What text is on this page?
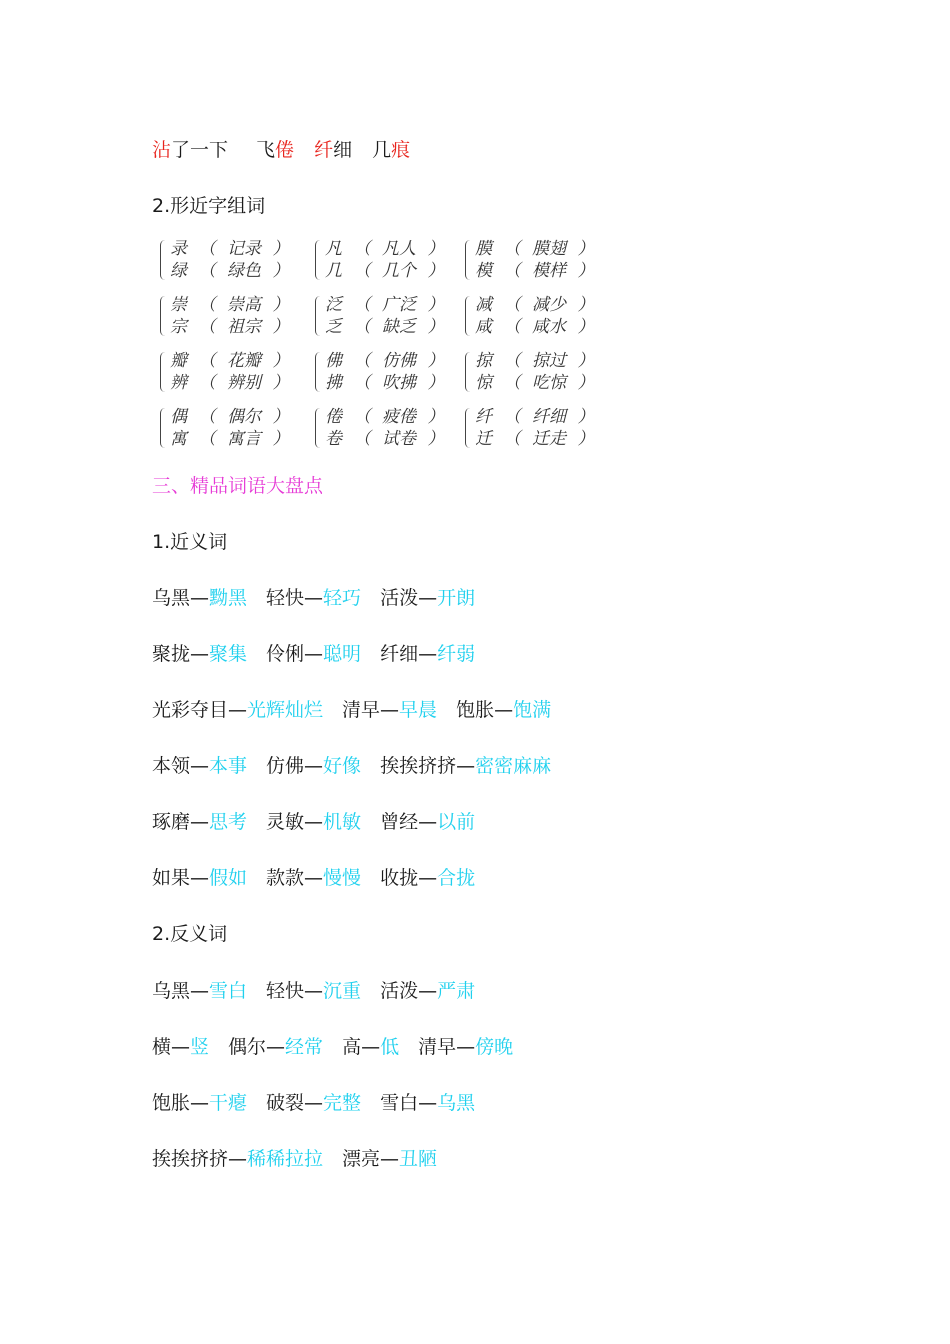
沾了一下 飞倦 纤细 几痕
2.形近字组词
录 （ 记录 ）
绿 （ 绿色 ）
凡 （ 凡人 ）
几 （ 几个 ）
膜 （ 膜翅 ）
模 （ 模样 ）
崇 （ 崇高 ）
宗 （ 祖宗 ）
泛 （ 广泛 ）
乏 （ 缺乏 ）
减 （ 减少 ）
咸 （ 咸水 ）
瓣 （ 花瓣 ）
辨 （ 辨别 ）
佛 （ 仿佛 ）
拂 （ 吹拂 ）
掠 （ 掠过 ）
惊 （ 吃惊 ）
偶 （ 偶尔 ）
寓 （ 寓言 ）
倦 （ 疲倦 ）
卷 （ 试卷 ）
纤 （ 纤细 ）
迁 （ 迁走 ）
三、精品词语大盘点
1.近义词
乌黑—黝黑 轻快—轻巧 活泼—开朗
聚拢—聚集 伶俐—聪明 纤细—纤弱
光彩夺目—光辉灿烂 清早—早晨 饱胀—饱满
本领—本事 仿佛—好像 挨挨挤挤—密密麻麻
琢磨—思考 灵敏—机敏 曾经—以前
如果—假如 款款—慢慢 收拢—合拢
2.反义词
乌黑—雪白 轻快—沉重 活泼—严肃
横—竖 偶尔—经常 高—低 清早—傍晚
饱胀—干瘪 破裂—完整 雪白—乌黑
挨挨挤挤—稀稀拉拉 漂亮—丑陋
